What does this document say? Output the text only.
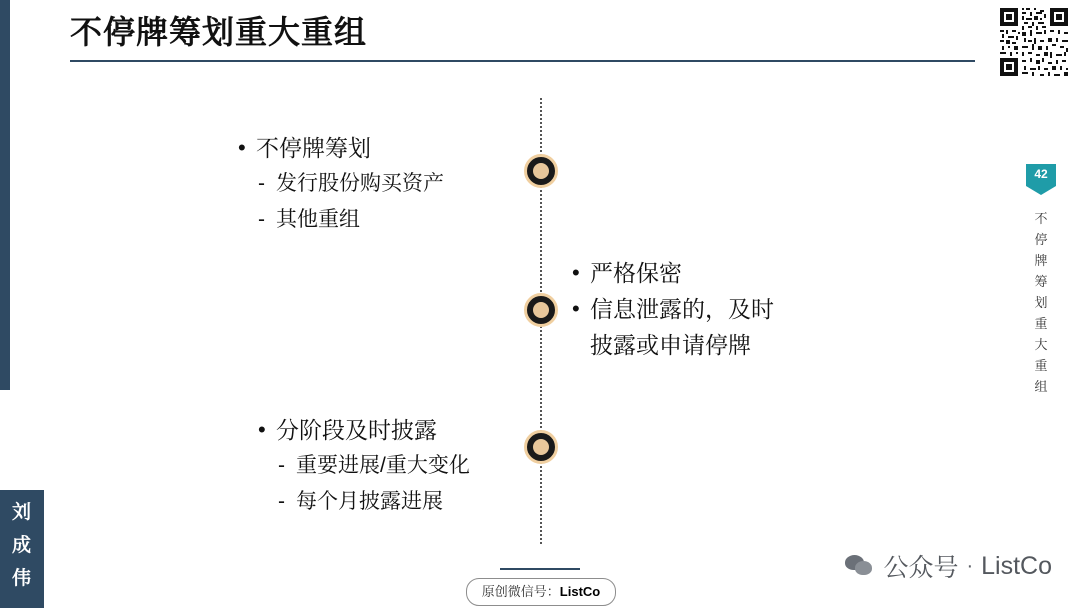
刘
成
伟
不停牌筹划重大重组
42
不
停
牌
筹
划
重
大
重
组
• 不停牌筹划
- 发行股份购买资产
- 其他重组
• 严格保密
• 信息泄露的，及时
披露或申请停牌
• 分阶段及时披露
- 重要进展/重大变化
- 每个月披露进展
原创微信号：ListCo
公众号 · ListCo
